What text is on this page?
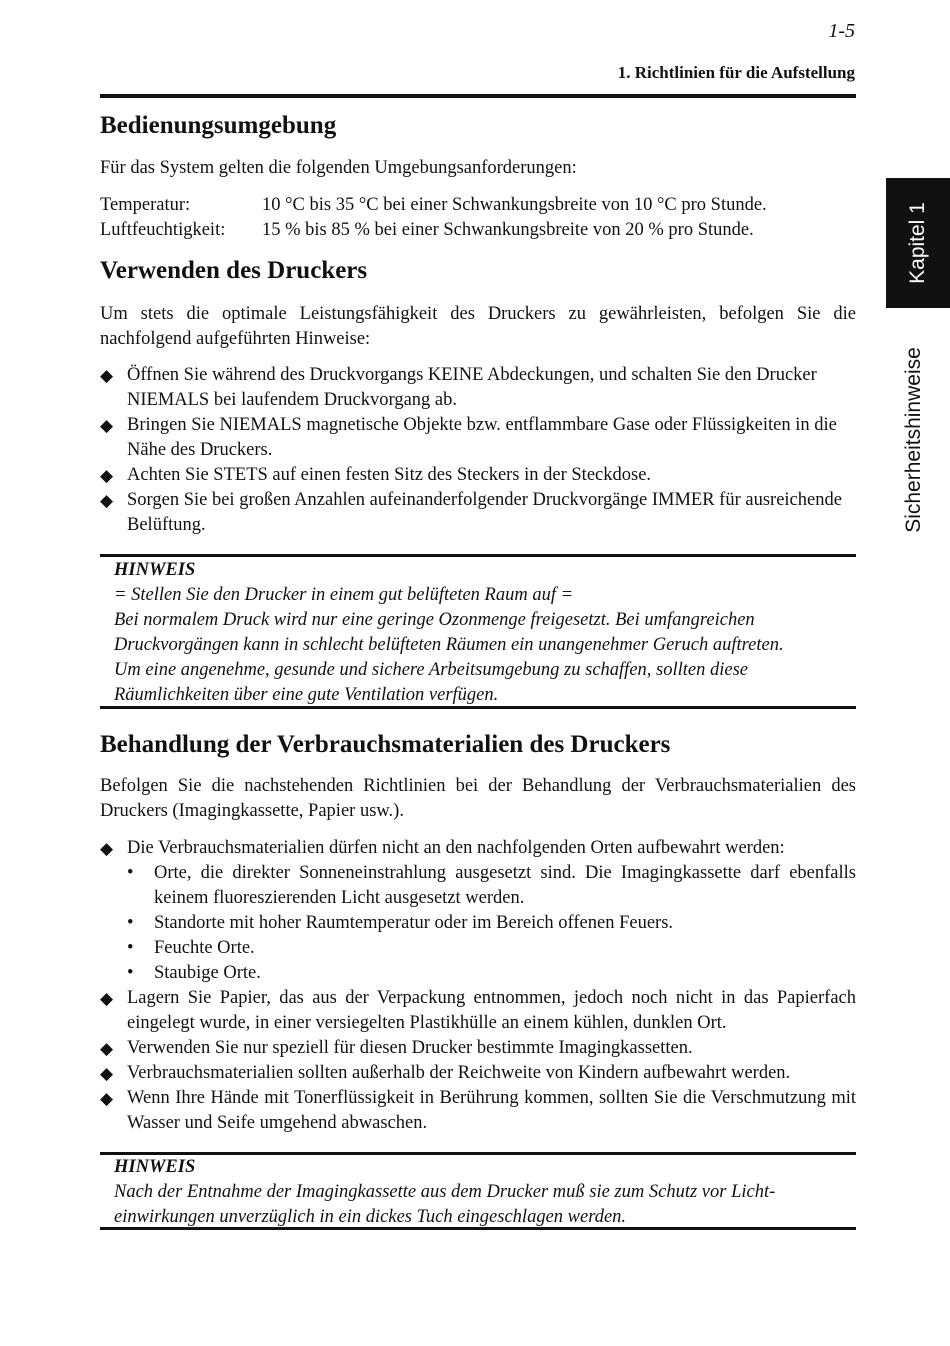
1-5
1. Richtlinien für die Aufstellung
Kapitel 1
Sicherheitshinweise
Bedienungsumgebung

Für das System gelten die folgenden Umgebungsanforderungen:

Temperatur:	10 °C bis 35 °C bei einer Schwankungsbreite von 10 °C pro Stunde.
Luftfeuchtigkeit: 15 % bis 85 % bei einer Schwankungsbreite von 20 % pro Stunde.
Verwenden des Druckers

Um stets die optimale Leistungsfähigkeit des Druckers zu gewährleisten, befolgen Sie die nachfolgend aufgeführten Hinweise:

◆ Öffnen Sie während des Druckvorgangs KEINE Abdeckungen, und schalten Sie den Drucker NIEMALS bei laufendem Druckvorgang ab.
◆ Bringen Sie NIEMALS magnetische Objekte bzw. entflammbare Gase oder Flüssigkeiten in die Nähe des Druckers.
◆ Achten Sie STETS auf einen festen Sitz des Steckers in der Steckdose.
◆ Sorgen Sie bei großen Anzahlen aufeinanderfolgender Druckvorgänge IMMER für ausreichende Belüftung.
HINWEIS
= Stellen Sie den Drucker in einem gut belüfteten Raum auf =
Bei normalem Druck wird nur eine geringe Ozonmenge freigesetzt. Bei umfangreichen
Druckvorgängen kann in schlecht belüfteten Räumen ein unangenehmer Geruch auftreten.
Um eine angenehme, gesunde und sichere Arbeitsumgebung zu schaffen, sollten diese
Räumlichkeiten über eine gute Ventilation verfügen.
Behandlung der Verbrauchsmaterialien des Druckers

Befolgen Sie die nachstehenden Richtlinien bei der Behandlung der Verbrauchsmaterialien des Druckers (Imagingkassette, Papier usw.).

◆ Die Verbrauchsmaterialien dürfen nicht an den nachfolgenden Orten aufbewahrt werden:
• Orte, die direkter Sonneneinstrahlung ausgesetzt sind. Die Imagingkassette darf ebenfalls keinem fluoreszierenden Licht ausgesetzt werden.
• Standorte mit hoher Raumtemperatur oder im Bereich offenen Feuers.
• Feuchte Orte.
• Staubige Orte.
◆ Lagern Sie Papier, das aus der Verpackung entnommen, jedoch noch nicht in das Papierfach eingelegt wurde, in einer versiegelten Plastikhülle an einem kühlen, dunklen Ort.
◆ Verwenden Sie nur speziell für diesen Drucker bestimmte Imagingkassetten.
◆ Verbrauchsmaterialien sollten außerhalb der Reichweite von Kindern aufbewahrt werden.
◆ Wenn Ihre Hände mit Tonerflüssigkeit in Berührung kommen, sollten Sie die Verschmutzung mit Wasser und Seife umgehend abwaschen.
HINWEIS
Nach der Entnahme der Imagingkassette aus dem Drucker muß sie zum Schutz vor Licht-
einwirkungen unverzüglich in ein dickes Tuch eingeschlagen werden.
